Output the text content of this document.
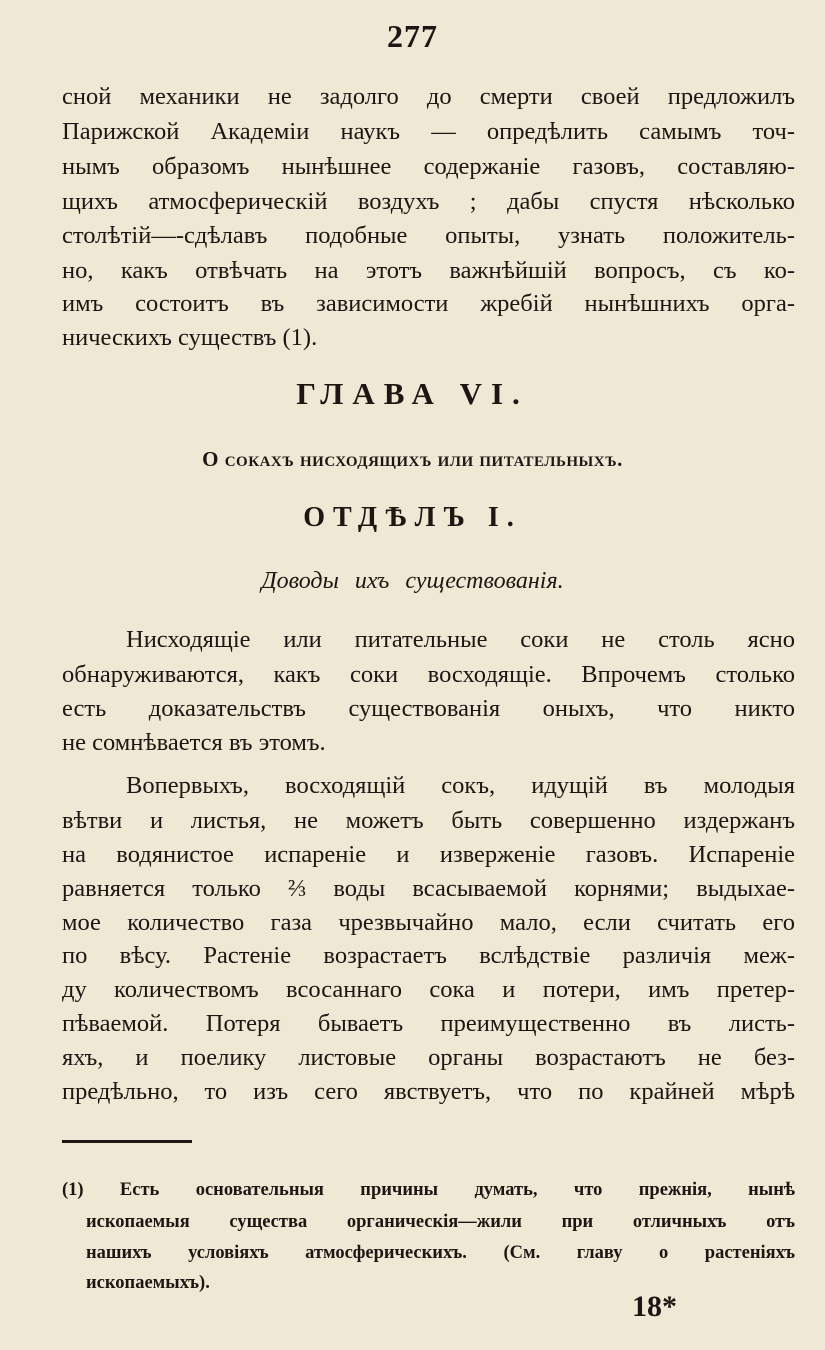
277
сной механики не задолго до смерти своей предложилъ
Парижской Академіи наукъ — опредѣлить самымъ точ-
нымъ образомъ нынѣшнее содержаніе газовъ, составляю-
щихъ атмосферическій воздухъ ; дабы спустя нѣсколько
столѣтій—-сдѣлавъ подобные опыты, узнать положитель-
но, какъ отвѣчать на этотъ важнѣйшій вопросъ, съ ко-
имъ состоитъ въ зависимости жребій нынѣшнихъ орга-
ническихъ существъ (1).
ГЛАВА VI.
О сокахъ нисходящихъ или питательныхъ.
ОТДѢЛЪ I.
Доводы ихъ существованія.
Нисходящіе или питательные соки не столь ясно
обнаруживаются, какъ соки восходящіе. Впрочемъ столько
есть доказательствъ существованія оныхъ, что никто
не сомнѣвается въ этомъ.
Вопервыхъ, восходящій сокъ, идущій въ молодыя
вѣтви и листья, не можетъ быть совершенно издержанъ
на водянистое испареніе и изверженіе газовъ. Испареніе
равняется только ⅔ воды всасываемой корнями; выдыхае-
мое количество газа чрезвычайно мало, если считать его
по вѣсу. Растеніе возрастаетъ вслѣдствіе различія меж-
ду количествомъ всосаннаго сока и потери, имъ претер-
пѣваемой. Потеря бываетъ преимущественно въ листь-
яхъ, и поелику листовые органы возрастаютъ не без-
предѣльно, то изъ сего явствуетъ, что по крайней мѣрѣ
(1) Есть основательныя причины думать, что прежнія, нынѣ
ископаемыя существа органическія—жили при отличныхъ отъ
нашихъ условіяхъ атмосферическихъ. (См. главу о растеніяхъ
ископаемыхъ).
18*
